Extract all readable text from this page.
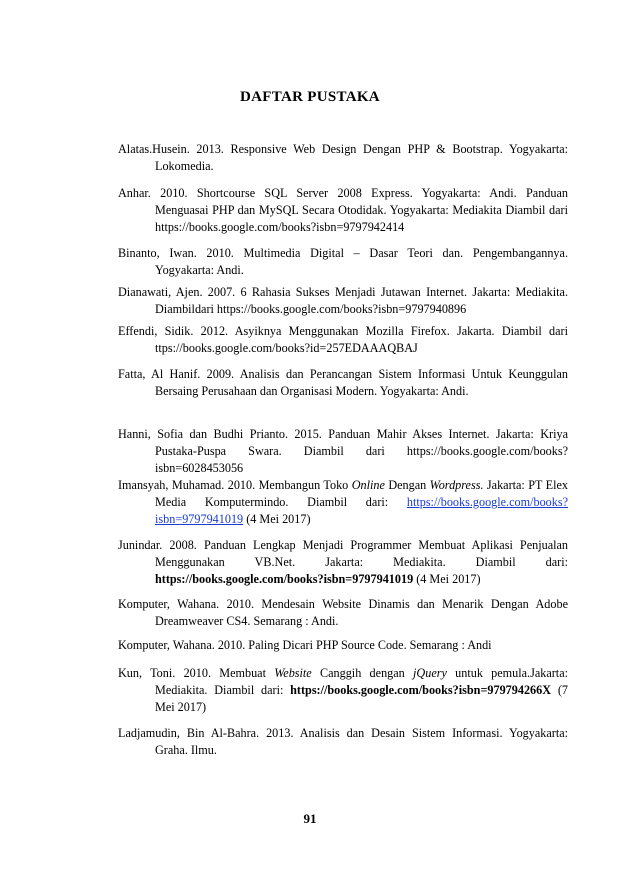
DAFTAR PUSTAKA
Alatas.Husein. 2013. Responsive Web Design Dengan PHP & Bootstrap. Yogyakarta: Lokomedia.
Anhar. 2010. Shortcourse SQL Server 2008 Express. Yogyakarta: Andi. Panduan Menguasai PHP dan MySQL Secara Otodidak. Yogyakarta: Mediakita Diambil dari https://books.google.com/books?isbn=9797942414
Binanto, Iwan. 2010. Multimedia Digital – Dasar Teori dan. Pengembangannya. Yogyakarta: Andi.
Dianawati, Ajen. 2007. 6 Rahasia Sukses Menjadi Jutawan Internet. Jakarta: Mediakita. Diambildari https://books.google.com/books?isbn=9797940896
Effendi, Sidik. 2012. Asyiknya Menggunakan Mozilla Firefox. Jakarta. Diambil dari ttps://books.google.com/books?id=257EDAAAQBAJ
Fatta, Al Hanif. 2009. Analisis dan Perancangan Sistem Informasi Untuk Keunggulan Bersaing Perusahaan dan Organisasi Modern. Yogyakarta: Andi.
Hanni, Sofia dan Budhi Prianto. 2015. Panduan Mahir Akses Internet. Jakarta: Kriya Pustaka-Puspa Swara. Diambil dari https://books.google.com/books?isbn=6028453056
Imansyah, Muhamad. 2010. Membangun Toko Online Dengan Wordpress. Jakarta: PT Elex Media Komputermindo. Diambil dari: https://books.google.com/books?isbn=9797941019 (4 Mei 2017)
Junindar. 2008. Panduan Lengkap Menjadi Programmer Membuat Aplikasi Penjualan Menggunakan VB.Net. Jakarta: Mediakita. Diambil dari: https://books.google.com/books?isbn=9797941019 (4 Mei 2017)
Komputer, Wahana. 2010. Mendesain Website Dinamis dan Menarik Dengan Adobe Dreamweaver CS4. Semarang : Andi.
Komputer, Wahana. 2010. Paling Dicari PHP Source Code. Semarang : Andi
Kun, Toni. 2010. Membuat Website Canggih dengan jQuery untuk pemula.Jakarta: Mediakita. Diambil dari: https://books.google.com/books?isbn=979794266X (7 Mei 2017)
Ladjamudin, Bin Al-Bahra. 2013. Analisis dan Desain Sistem Informasi. Yogyakarta: Graha. Ilmu.
91
